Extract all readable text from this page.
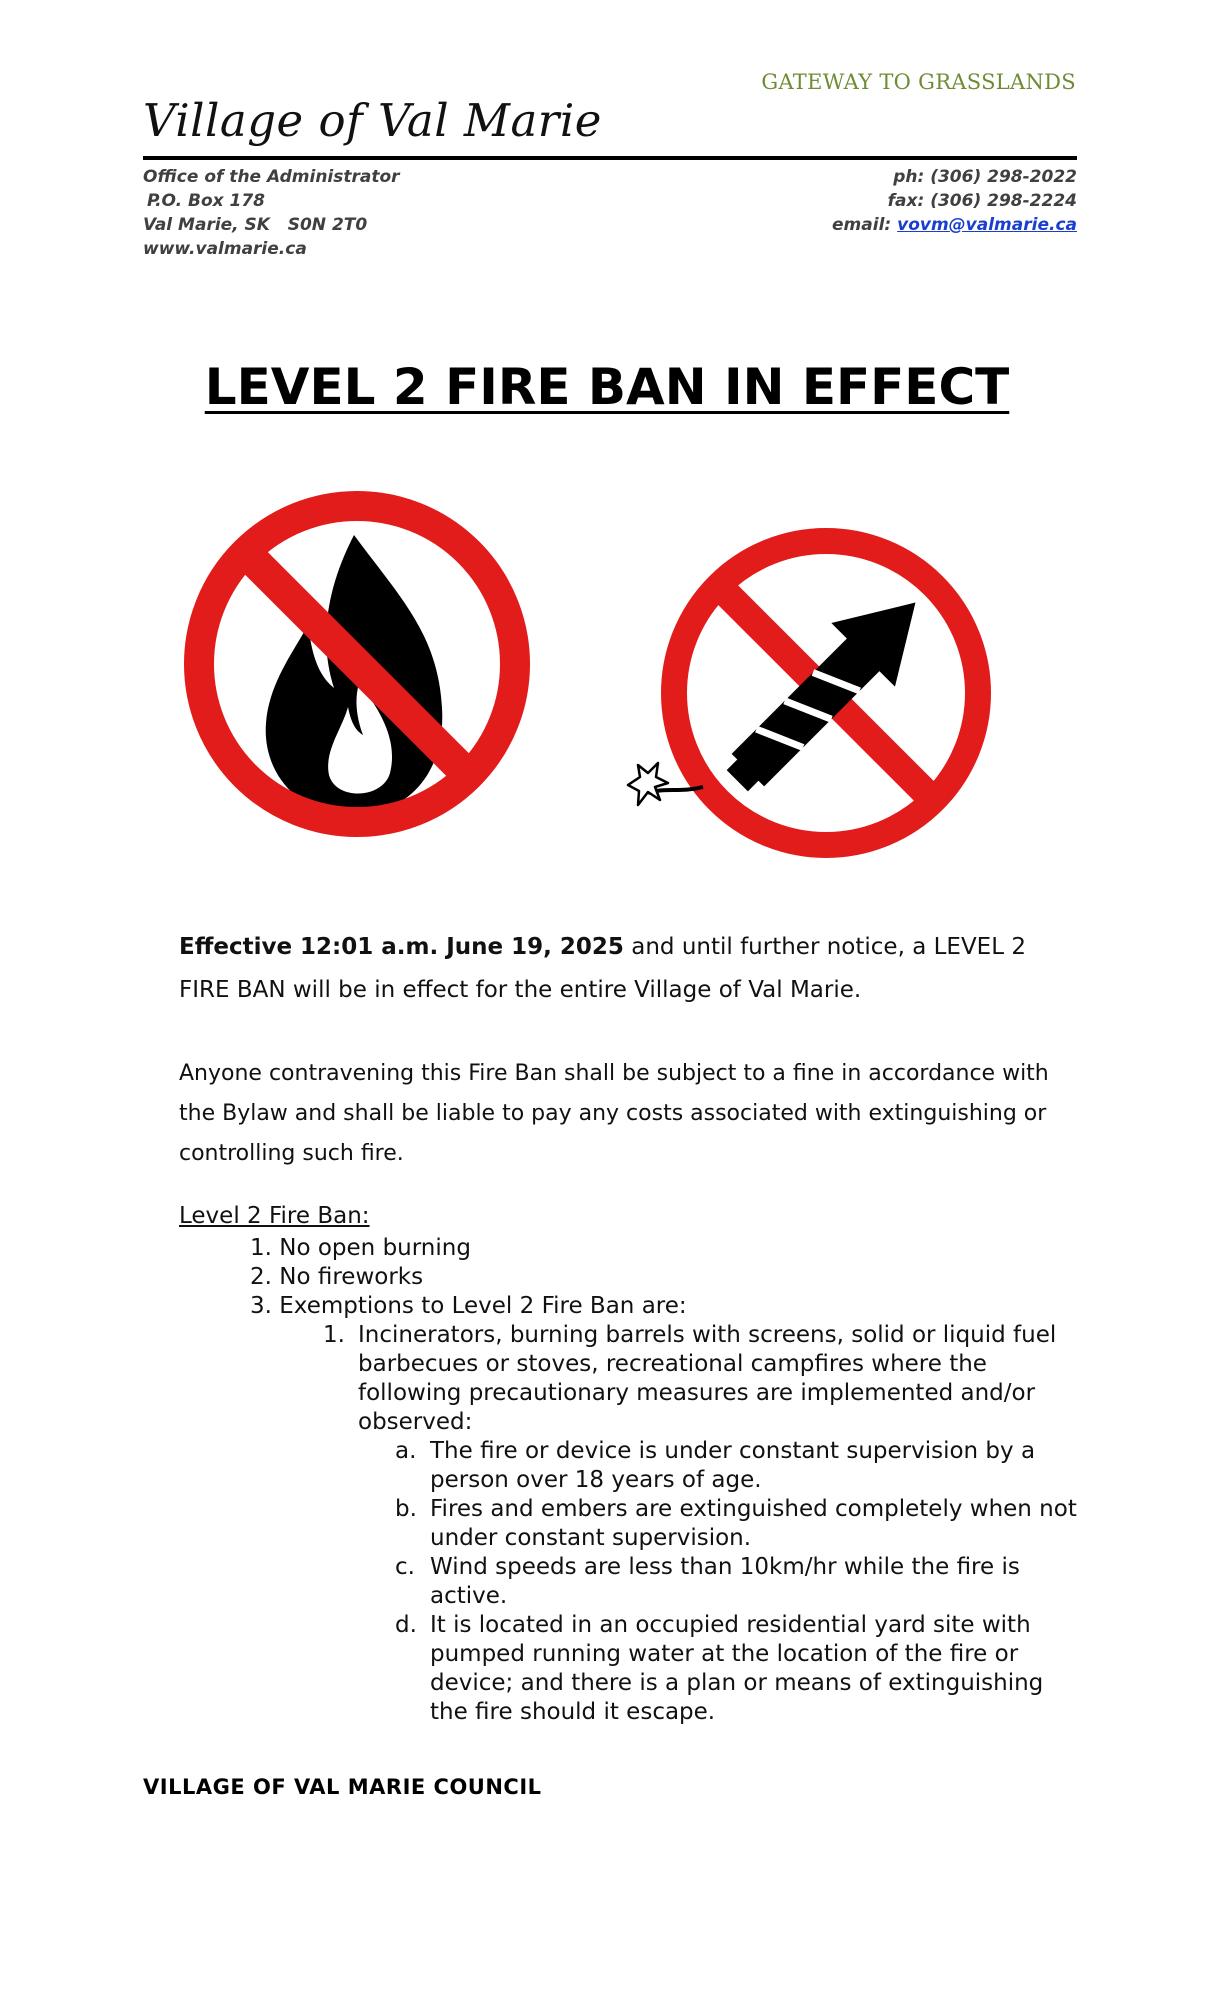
GATEWAY TO GRASSLANDS
Village of Val Marie
Office of the Administrator
P.O. Box 178
Val Marie, SK   S0N 2T0
www.valmarie.ca
ph: (306) 298-2022
fax: (306) 298-2224
email: vovm@valmarie.ca
LEVEL 2 FIRE BAN IN EFFECT
Effective 12:01 a.m. June 19, 2025 and until further notice, a LEVEL 2 FIRE BAN will be in effect for the entire Village of Val Marie.
Anyone contravening this Fire Ban shall be subject to a fine in accordance with the Bylaw and shall be liable to pay any costs associated with extinguishing or controlling such fire.
Level 2 Fire Ban:
1. No open burning
2. No fireworks
3. Exemptions to Level 2 Fire Ban are:
1. Incinerators, burning barrels with screens, solid or liquid fuel barbecues or stoves, recreational campfires where the following precautionary measures are implemented and/or observed:
a. The fire or device is under constant supervision by a person over 18 years of age.
b. Fires and embers are extinguished completely when not under constant supervision.
c. Wind speeds are less than 10km/hr while the fire is active.
d. It is located in an occupied residential yard site with pumped running water at the location of the fire or device; and there is a plan or means of extinguishing the fire should it escape.
VILLAGE OF VAL MARIE COUNCIL
